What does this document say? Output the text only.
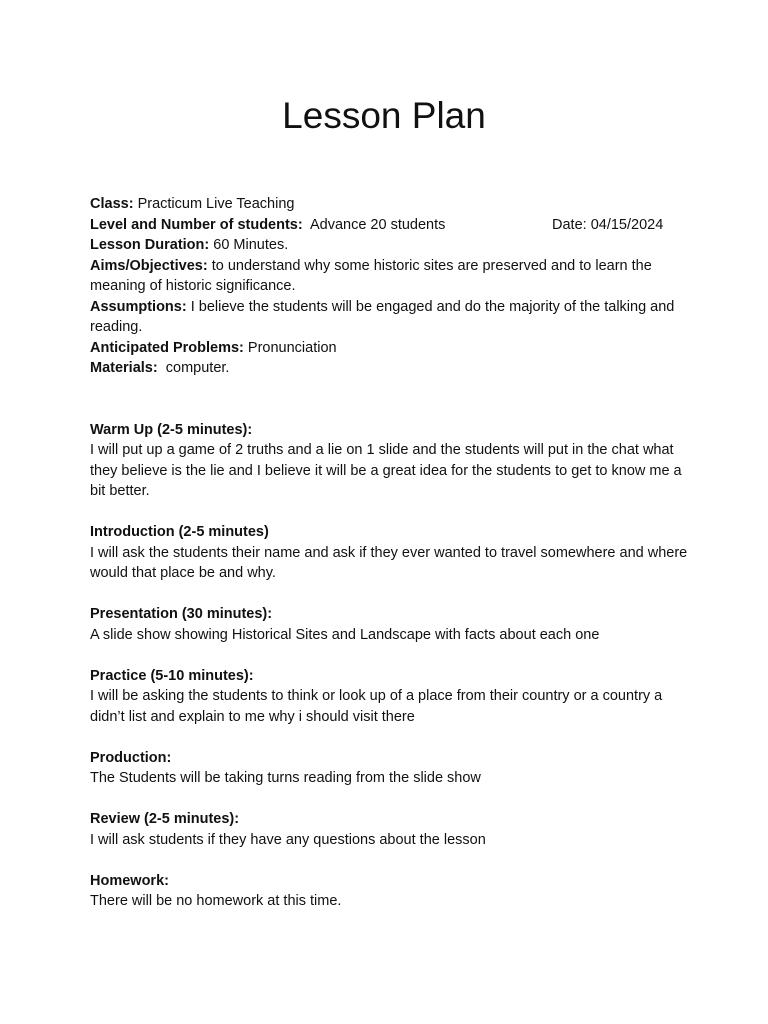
Lesson Plan

Class: Practicum Live Teaching

Level and Number of students: Advance 20 students	Date: 04/15/2024

Lesson Duration: 60 Minutes.

Aims/Objectives: to understand why some historic sites are preserved and to learn the meaning of historic significance.

Assumptions: I believe the students will be engaged and do the majority of the talking and reading.

Anticipated Problems: Pronunciation

Materials: computer.

Warm Up (2-5 minutes):

I will put up a game of 2 truths and a lie on 1 slide and the students will put in the chat what they believe is the lie and I believe it will be a great idea for the students to get to know me a bit better.

Introduction (2-5 minutes)

I will ask the students their name and ask if they ever wanted to travel somewhere and where would that place be and why.

Presentation (30 minutes):

A slide show showing Historical Sites and Landscape with facts about each one

Practice (5-10 minutes):

I will be asking the students to think or look up of a place from their country or a country a didn’t list and explain to me why i should visit there

Production:

The Students will be taking turns reading from the slide show

Review (2-5 minutes):

I will ask students if they have any questions about the lesson

Homework:

There will be no homework at this time.
